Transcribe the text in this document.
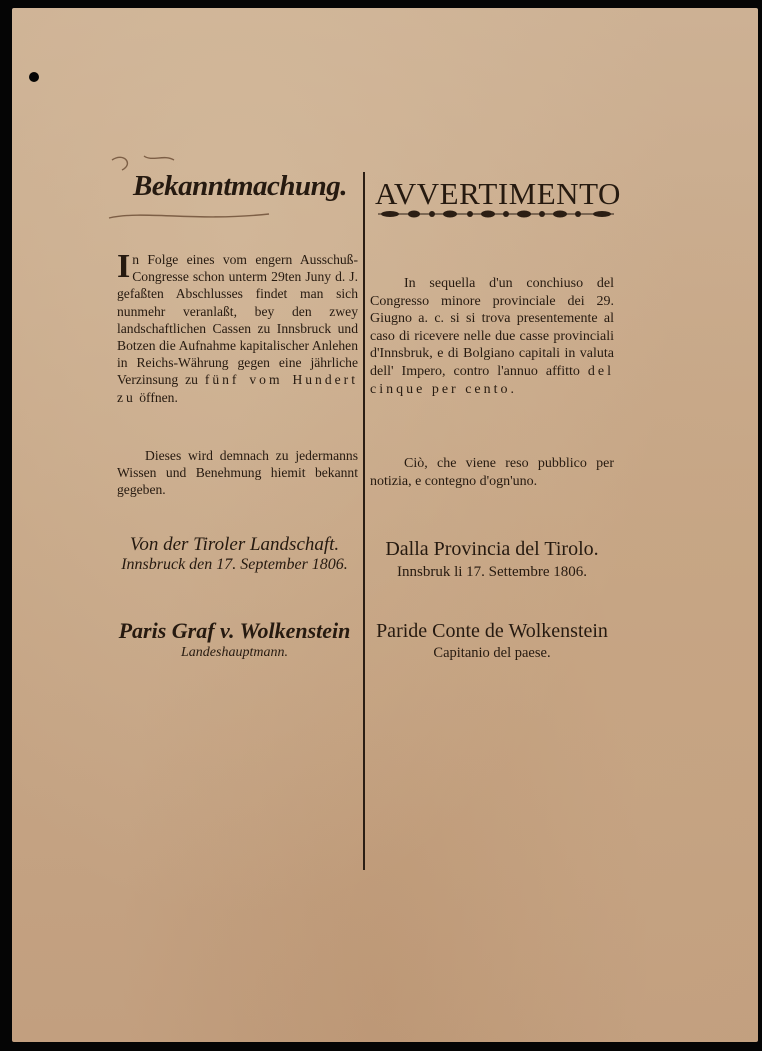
Bekanntmachung.
In Folge eines vom engern Ausschuß-Congresse schon unterm 29ten Juny d. J. gefaßten Abschlusses findet man sich nunmehr veranlaßt, bey den zwey landschaftlichen Cassen zu Innsbruck und Botzen die Aufnahme kapitalischer Anlehen in Reichs-Währung gegen eine jährliche Verzinsung zu fünf vom Hundert zu öffnen.
Dieses wird demnach zu jedermanns Wissen und Benehmung hiemit bekannt gegeben.
Von der Tiroler Landschaft.
Innsbruck den 17. September 1806.
Paris Graf v. Wolkenstein
Landeshauptmann.
AVVERTIMENTO
In sequella d'un conchiuso del Congresso minore provinciale dei 29. Giugno a. c. si si trova presentemente al caso di ricevere nelle due casse provinciali d'Innsbruk, e di Bolgiano capitali in valuta dell' Impero, contro l'annuo affitto del cinque per cento.
Ciò, che viene reso pubblico per notizia, e contegno d'ogn'uno.
Dalla Provincia del Tirolo.
Innsbruk li 17. Settembre 1806.
Paride Conte de Wolkenstein
Capitanio del paese.
